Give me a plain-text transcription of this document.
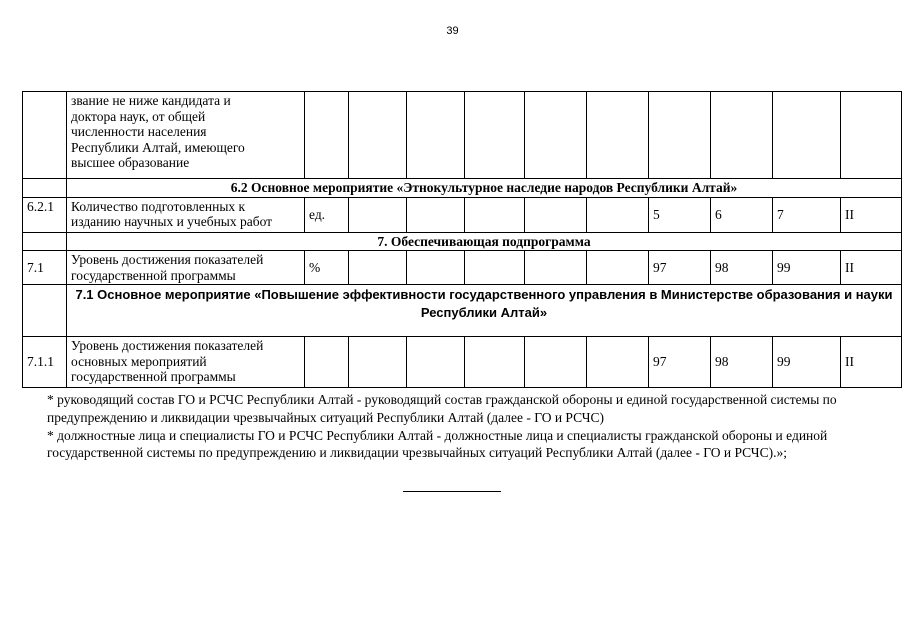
39

	звание не ниже кандидата и
доктора наук, от общей
численности населения
Республики Алтай, имеющего
высшее образование										

	6.2 Основное мероприятие «Этнокультурное наследие народов Республики Алтай»										
6.2.1	Количество подготовленных к
изданию научных и учебных работ	ед.						5	6	7	II
	7. Обеспечивающая подпрограмма										
7.1	Уровень достижения показателей
государственной программы	%						97	98	99	II
	7.1 Основное мероприятие «Повышение эффективности государственного управления в Министерстве образования и науки Республики Алтай»										
7.1.1	Уровень достижения показателей
основных мероприятий
государственной программы							97	98	99	II

* руководящий состав ГО и РСЧС Республики Алтай - руководящий состав гражданской обороны и единой государственной системы по предупреждению и ликвидации чрезвычайных ситуаций Республики Алтай (далее - ГО и РСЧС)

* должностные лица и специалисты ГО и РСЧС Республики Алтай - должностные лица и специалисты гражданской обороны и единой государственной системы по предупреждению и ликвидации чрезвычайных ситуаций Республики Алтай (далее - ГО и РСЧС).»;
